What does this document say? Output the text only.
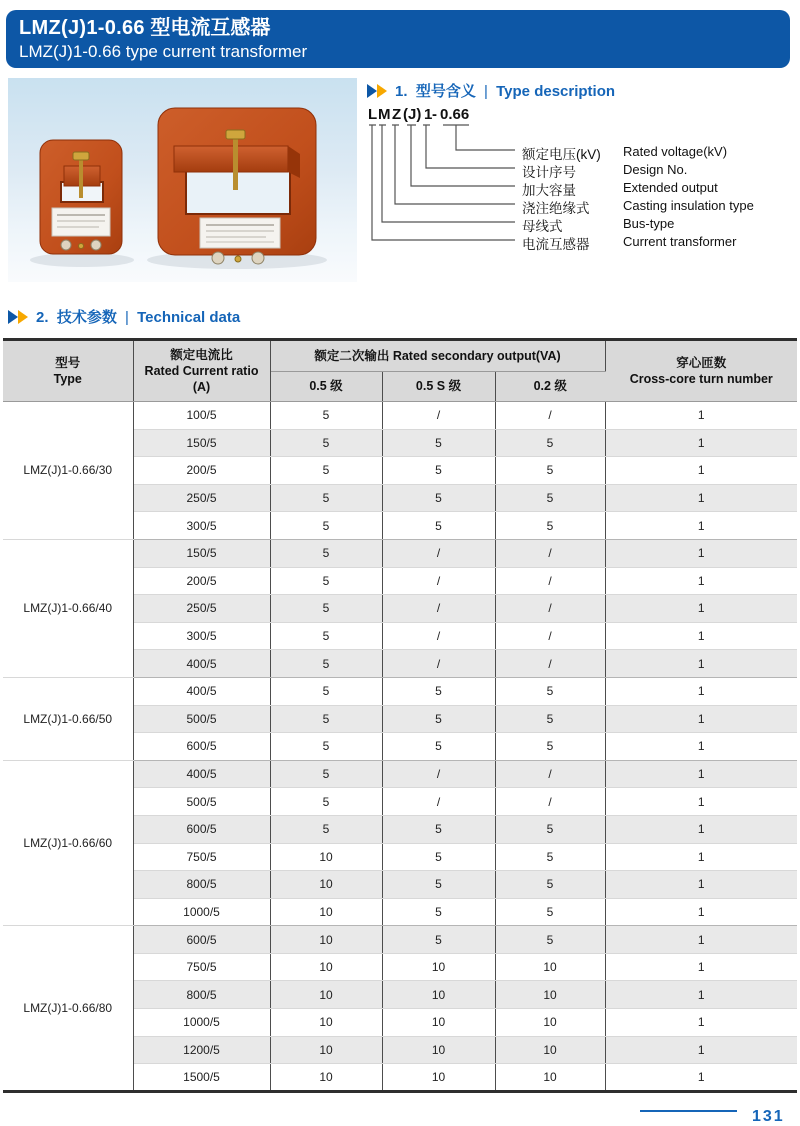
LMZ(J)1-0.66 型电流互感器
LMZ(J)1-0.66 type current transformer
1. 型号含义 | Type description
L M Z (J) 1 - 0.66
额定电压(kV) Rated voltage(kV)
设计序号	Design No.
加大容量	Extended output
浇注绝缘式	Casting insulation type
母线式	Bus-type
电流互感器	Current transformer
2. 技术参数 | Technical data
型号
Type	额定电流比
Rated Current ratio
(A)	额定二次输出 Rated secondary output(VA)			穿心匝数
Cross-core turn number
		0.5 级	0.5 S 级	0.2 级	
LMZ(J)1-0.66/30	100/5	5	/	/	1
	150/5	5	5	5	1
	200/5	5	5	5	1
	250/5	5	5	5	1
	300/5	5	5	5	1
LMZ(J)1-0.66/40	150/5	5	/	/	1
	200/5	5	/	/	1
	250/5	5	/	/	1
	300/5	5	/	/	1
	400/5	5	/	/	1
LMZ(J)1-0.66/50	400/5	5	5	5	1
	500/5	5	5	5	1
	600/5	5	5	5	1
LMZ(J)1-0.66/60	400/5	5	/	/	1
	500/5	5	/	/	1
	600/5	5	5	5	1
	750/5	10	5	5	1
	800/5	10	5	5	1
	1000/5	10	5	5	1
LMZ(J)1-0.66/80	600/5	10	5	5	1
	750/5	10	10	10	1
	800/5	10	10	10	1
	1000/5	10	10	10	1
	1200/5	10	10	10	1
	1500/5	10	10	10	1
131
